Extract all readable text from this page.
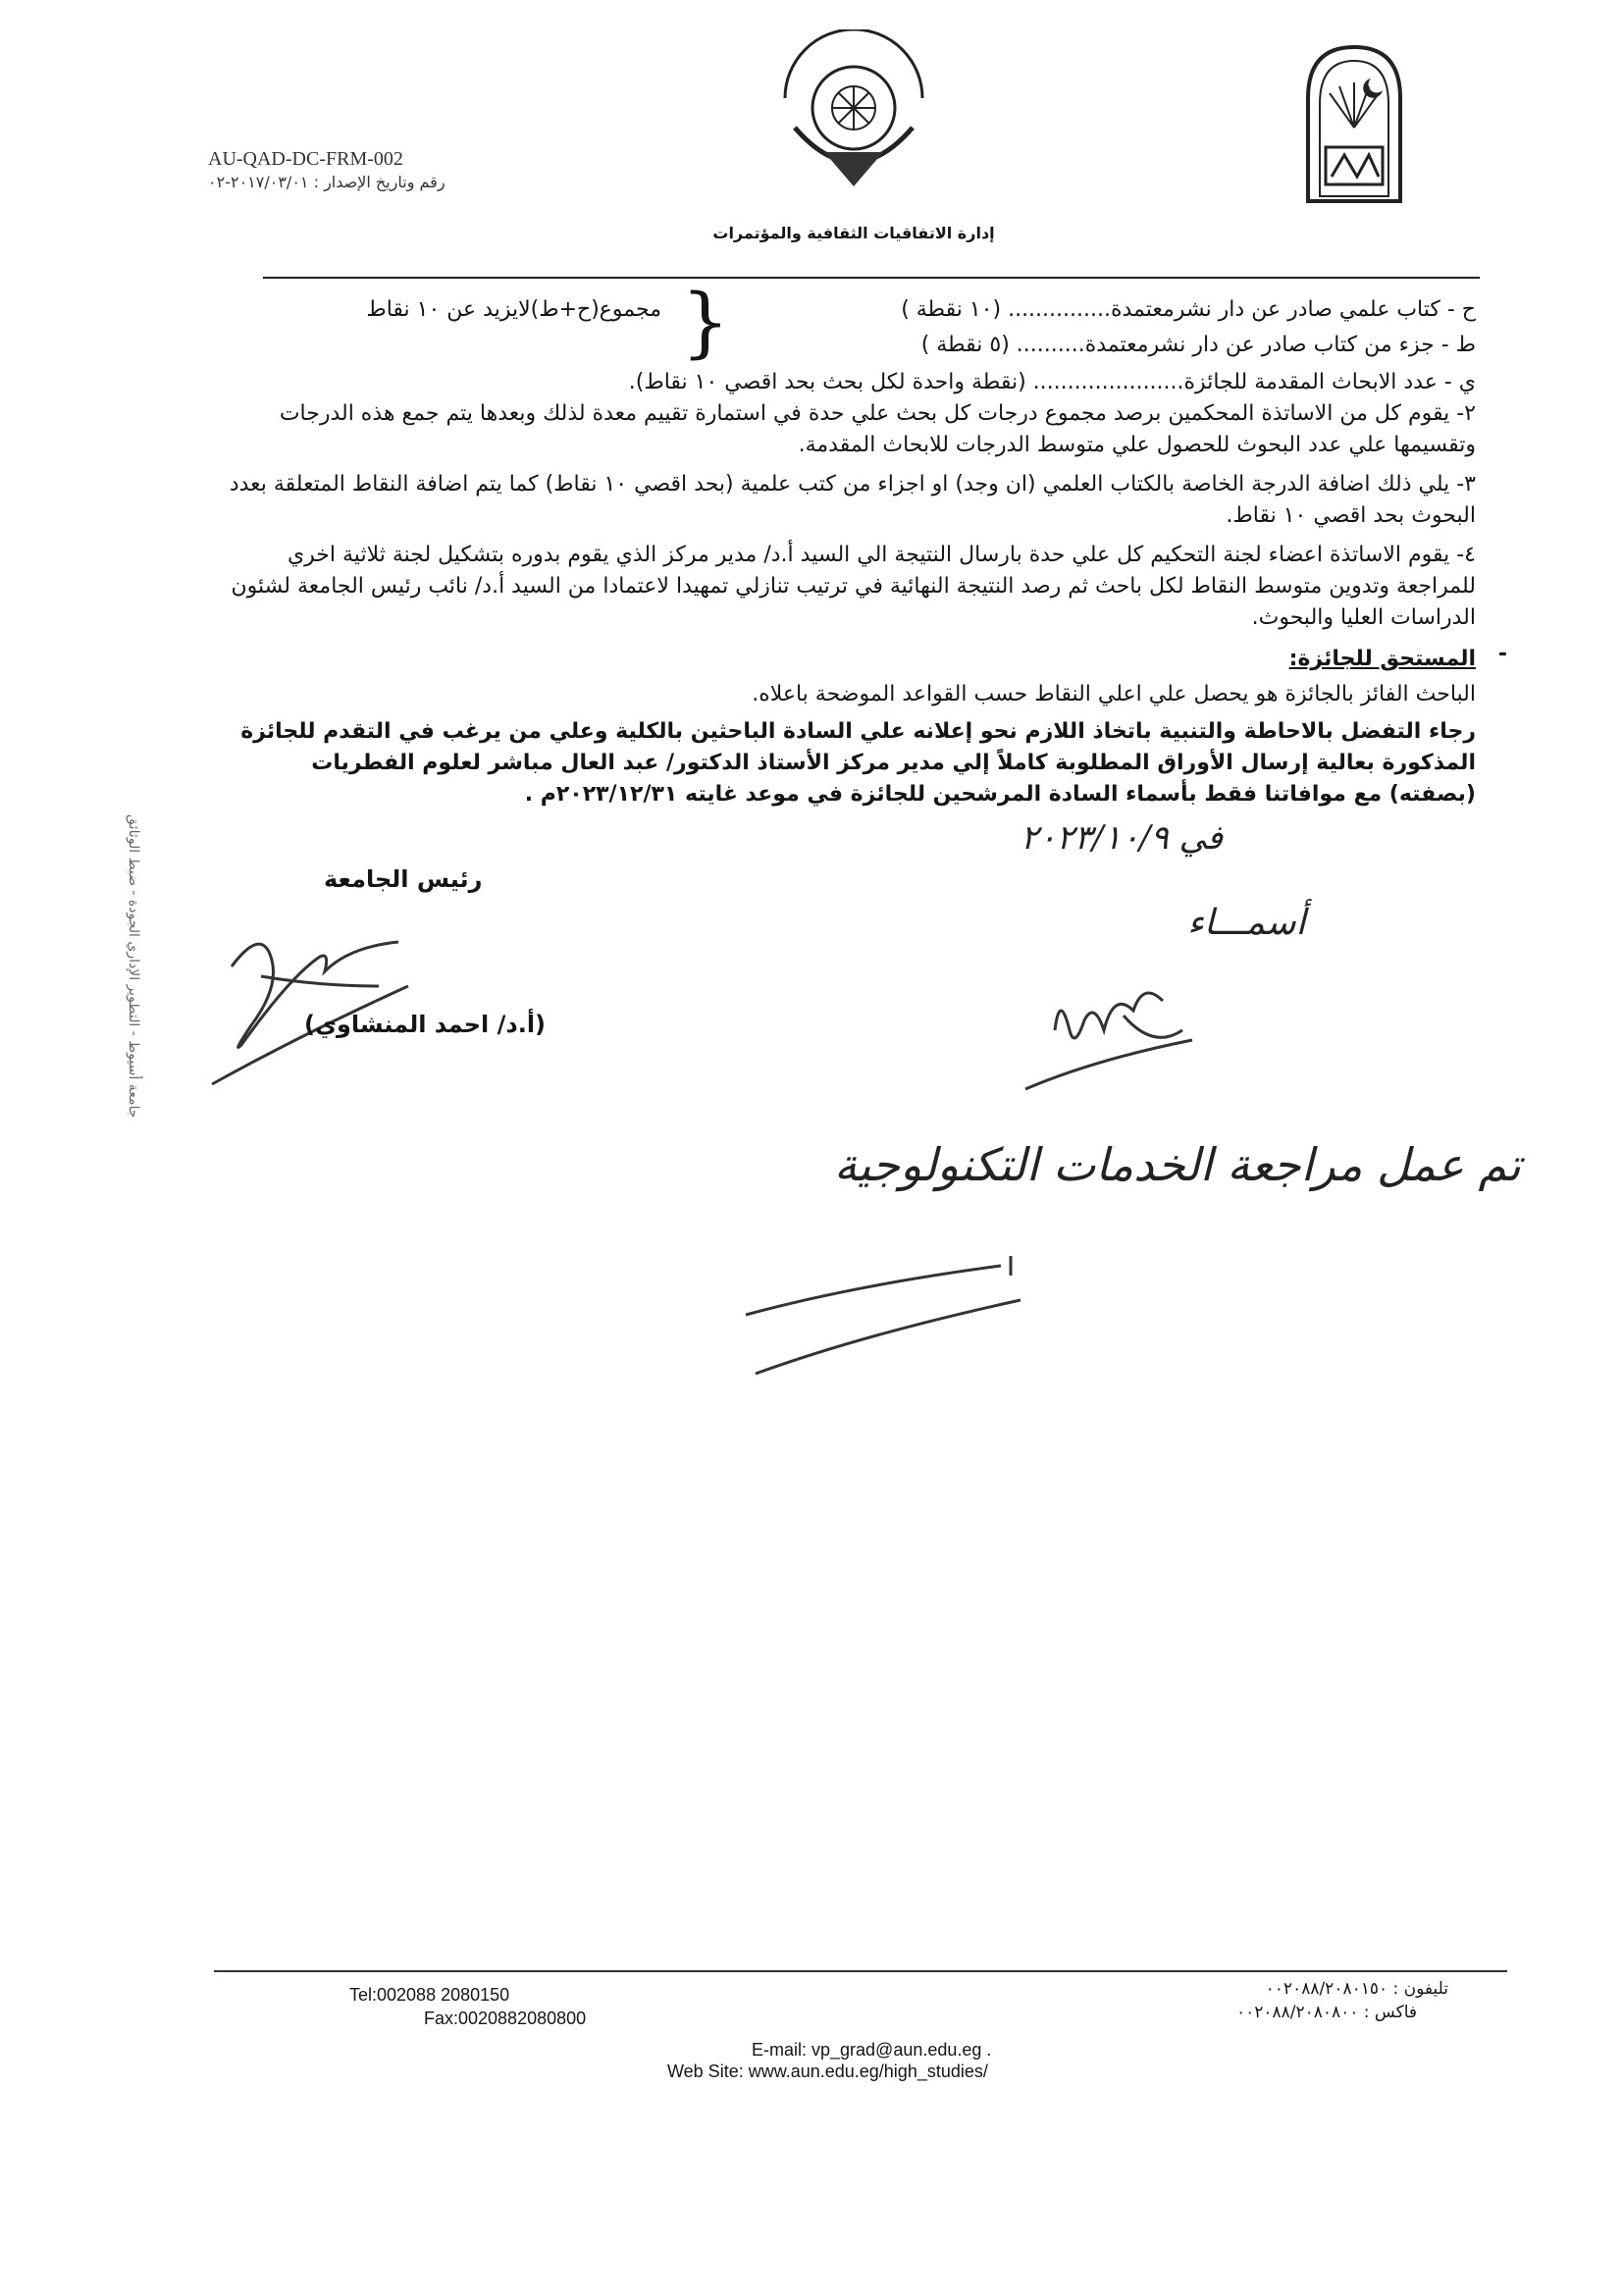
AU-QAD-DC-FRM-002
رقم وتاريخ الإصدار : ٢٠١٧/٠٣/٠١-٠٢
إدارة الاتفاقيات الثقافية والمؤتمرات
ح - كتاب علمي صادر عن دار نشرمعتمدة............... (١٠ نقطة )
ط - جزء من كتاب صادر عن دار نشرمعتمدة.......... (٥ نقطة )
{
مجموع(ح+ط)لايزيد عن ١٠ نقاط
ي - عدد الابحاث المقدمة للجائزة...................... (نقطة واحدة لكل بحث بحد اقصي ١٠ نقاط).
٢- يقوم كل من الاساتذة المحكمين برصد مجموع درجات كل بحث علي حدة في استمارة تقييم معدة لذلك وبعدها يتم جمع هذه الدرجات وتقسيمها علي عدد البحوث للحصول علي متوسط الدرجات للابحاث المقدمة.
٣- يلي ذلك اضافة الدرجة الخاصة بالكتاب العلمي (ان وجد) او اجزاء من كتب علمية (بحد اقصي ١٠ نقاط) كما يتم اضافة النقاط المتعلقة بعدد البحوث بحد اقصي ١٠ نقاط.
٤- يقوم الاساتذة اعضاء لجنة التحكيم كل علي حدة بارسال النتيجة الي السيد أ.د/ مدير مركز الذي يقوم بدوره بتشكيل لجنة ثلاثية اخري للمراجعة وتدوين متوسط النقاط لكل باحث ثم رصد النتيجة النهائية في ترتيب تنازلي تمهيدا لاعتمادا من السيد أ.د/ نائب رئيس الجامعة لشئون الدراسات العليا والبحوث.
-
المستحق للجائزة:
الباحث الفائز بالجائزة هو يحصل علي اعلي النقاط حسب القواعد الموضحة باعلاه.
رجاء التفضل بالاحاطة والتنبية باتخاذ اللازم نحو إعلانه علي السادة الباحثين بالكلية وعلي من يرغب في التقدم للجائزة المذكورة بعالية إرسال الأوراق المطلوبة كاملاً إلي مدير مركز الأستاذ الدكتور/ عبد العال مباشر لعلوم الفطريات (بصفته) مع موافاتنا فقط بأسماء السادة المرشحين للجائزة في موعد غايته ٢٠٢٣/١٢/٣١م .
في ٢٠٢٣/١٠/٩
أسمـــاء
رئيس الجامعة
(أ.د/ احمد المنشاوي)
تم عمل مراجعة الخدمات التكنولوجية
جامعة أسيوط - التطوير الإداري الجودة - ضبط الوثائق
Tel:002088 2080150
Fax:0020882080800
تليفون : ٠٠٢٠٨٨/٢٠٨٠١٥٠
فاكس : ٠٠٢٠٨٨/٢٠٨٠٨٠٠
E-mail: vp_grad@aun.edu.eg .
Web Site: www.aun.edu.eg/high_studies/
